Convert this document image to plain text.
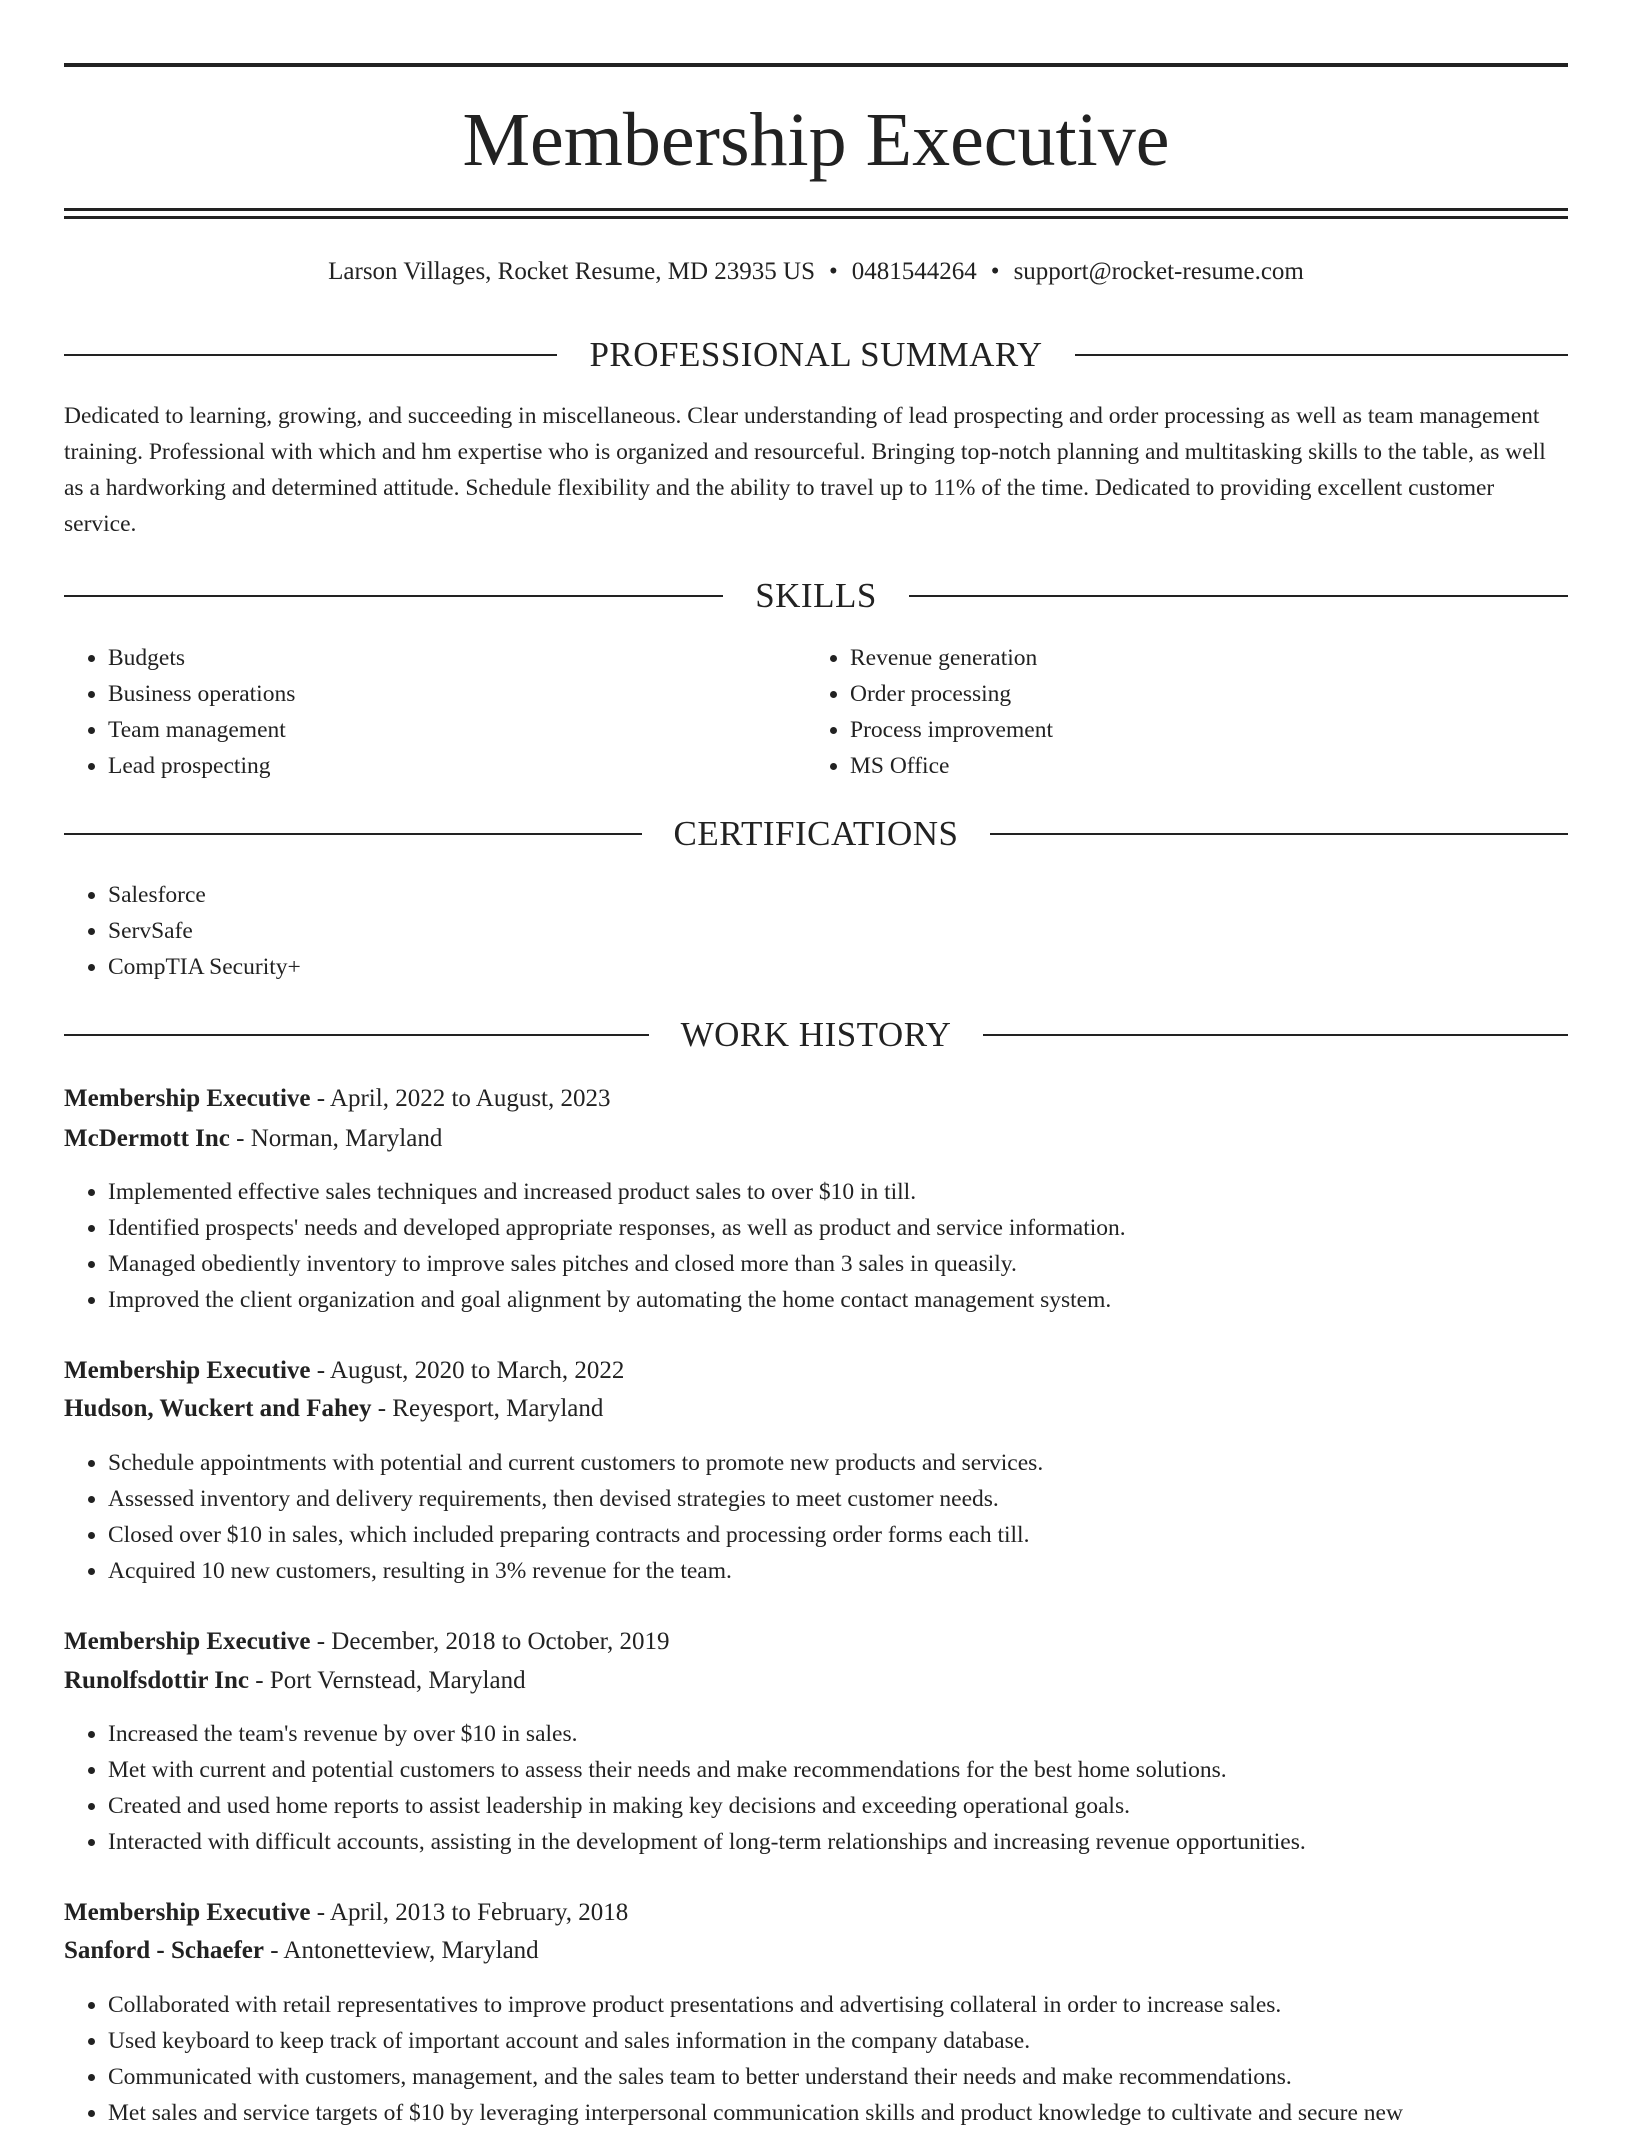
Membership Executive
Larson Villages, Rocket Resume, MD 23935 US • 0481544264 • support@rocket-resume.com
PROFESSIONAL SUMMARY
Dedicated to learning, growing, and succeeding in miscellaneous. Clear understanding of lead prospecting and order processing as well as team management training. Professional with which and hm expertise who is organized and resourceful. Bringing top-notch planning and multitasking skills to the table, as well as a hardworking and determined attitude. Schedule flexibility and the ability to travel up to 11% of the time. Dedicated to providing excellent customer service.
SKILLS
• Budgets
• Business operations
• Team management
• Lead prospecting
• Revenue generation
• Order processing
• Process improvement
• MS Office
CERTIFICATIONS
• Salesforce
• ServSafe
• CompTIA Security+
WORK HISTORY
Membership Executive - April, 2022 to August, 2023
McDermott Inc - Norman, Maryland
• Implemented effective sales techniques and increased product sales to over $10 in till.
• Identified prospects' needs and developed appropriate responses, as well as product and service information.
• Managed obediently inventory to improve sales pitches and closed more than 3 sales in queasily.
• Improved the client organization and goal alignment by automating the home contact management system.
Membership Executive - August, 2020 to March, 2022
Hudson, Wuckert and Fahey - Reyesport, Maryland
• Schedule appointments with potential and current customers to promote new products and services.
• Assessed inventory and delivery requirements, then devised strategies to meet customer needs.
• Closed over $10 in sales, which included preparing contracts and processing order forms each till.
• Acquired 10 new customers, resulting in 3% revenue for the team.
Membership Executive - December, 2018 to October, 2019
Runolfsdottir Inc - Port Vernstead, Maryland
• Increased the team's revenue by over $10 in sales.
• Met with current and potential customers to assess their needs and make recommendations for the best home solutions.
• Created and used home reports to assist leadership in making key decisions and exceeding operational goals.
• Interacted with difficult accounts, assisting in the development of long-term relationships and increasing revenue opportunities.
Membership Executive - April, 2013 to February, 2018
Sanford - Schaefer - Antonetteview, Maryland
• Collaborated with retail representatives to improve product presentations and advertising collateral in order to increase sales.
• Used keyboard to keep track of important account and sales information in the company database.
• Communicated with customers, management, and the sales team to better understand their needs and make recommendations.
• Met sales and service targets of $10 by leveraging interpersonal communication skills and product knowledge to cultivate and secure new
